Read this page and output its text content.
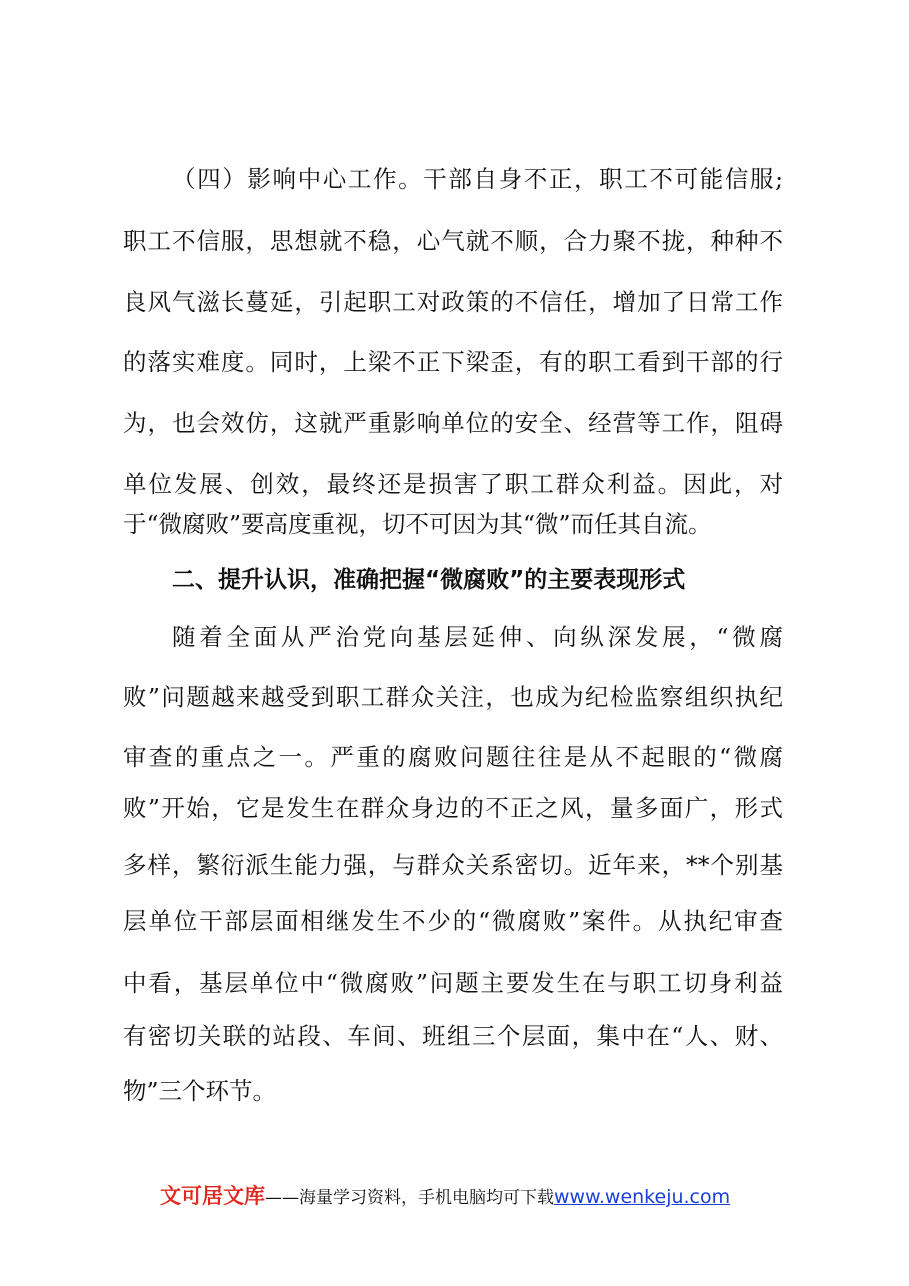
（四）影响中心工作。干部自身不正，职工不可能信服;
职工不信服，思想就不稳，心气就不顺，合力聚不拢，种种不
良风气滋长蔓延，引起职工对政策的不信任，增加了日常工作
的落实难度。同时，上梁不正下梁歪，有的职工看到干部的行
为，也会效仿，这就严重影响单位的安全、经营等工作，阻碍
单位发展、创效，最终还是损害了职工群众利益。因此，对
于“微腐败”要高度重视，切不可因为其“微”而任其自流。
二、提升认识，准确把握“微腐败”的主要表现形式
随着全面从严治党向基层延伸、向纵深发展，“微腐
败”问题越来越受到职工群众关注，也成为纪检监察组织执纪
审查的重点之一。严重的腐败问题往往是从不起眼的“微腐
败”开始，它是发生在群众身边的不正之风，量多面广，形式
多样，繁衍派生能力强，与群众关系密切。近年来，**个别基
层单位干部层面相继发生不少的“微腐败”案件。从执纪审查
中看，基层单位中“微腐败”问题主要发生在与职工切身利益
有密切关联的站段、车间、班组三个层面，集中在“人、财、
物”三个环节。
文可居文库——海量学习资料，手机电脑均可下载www.wenkeju.com
